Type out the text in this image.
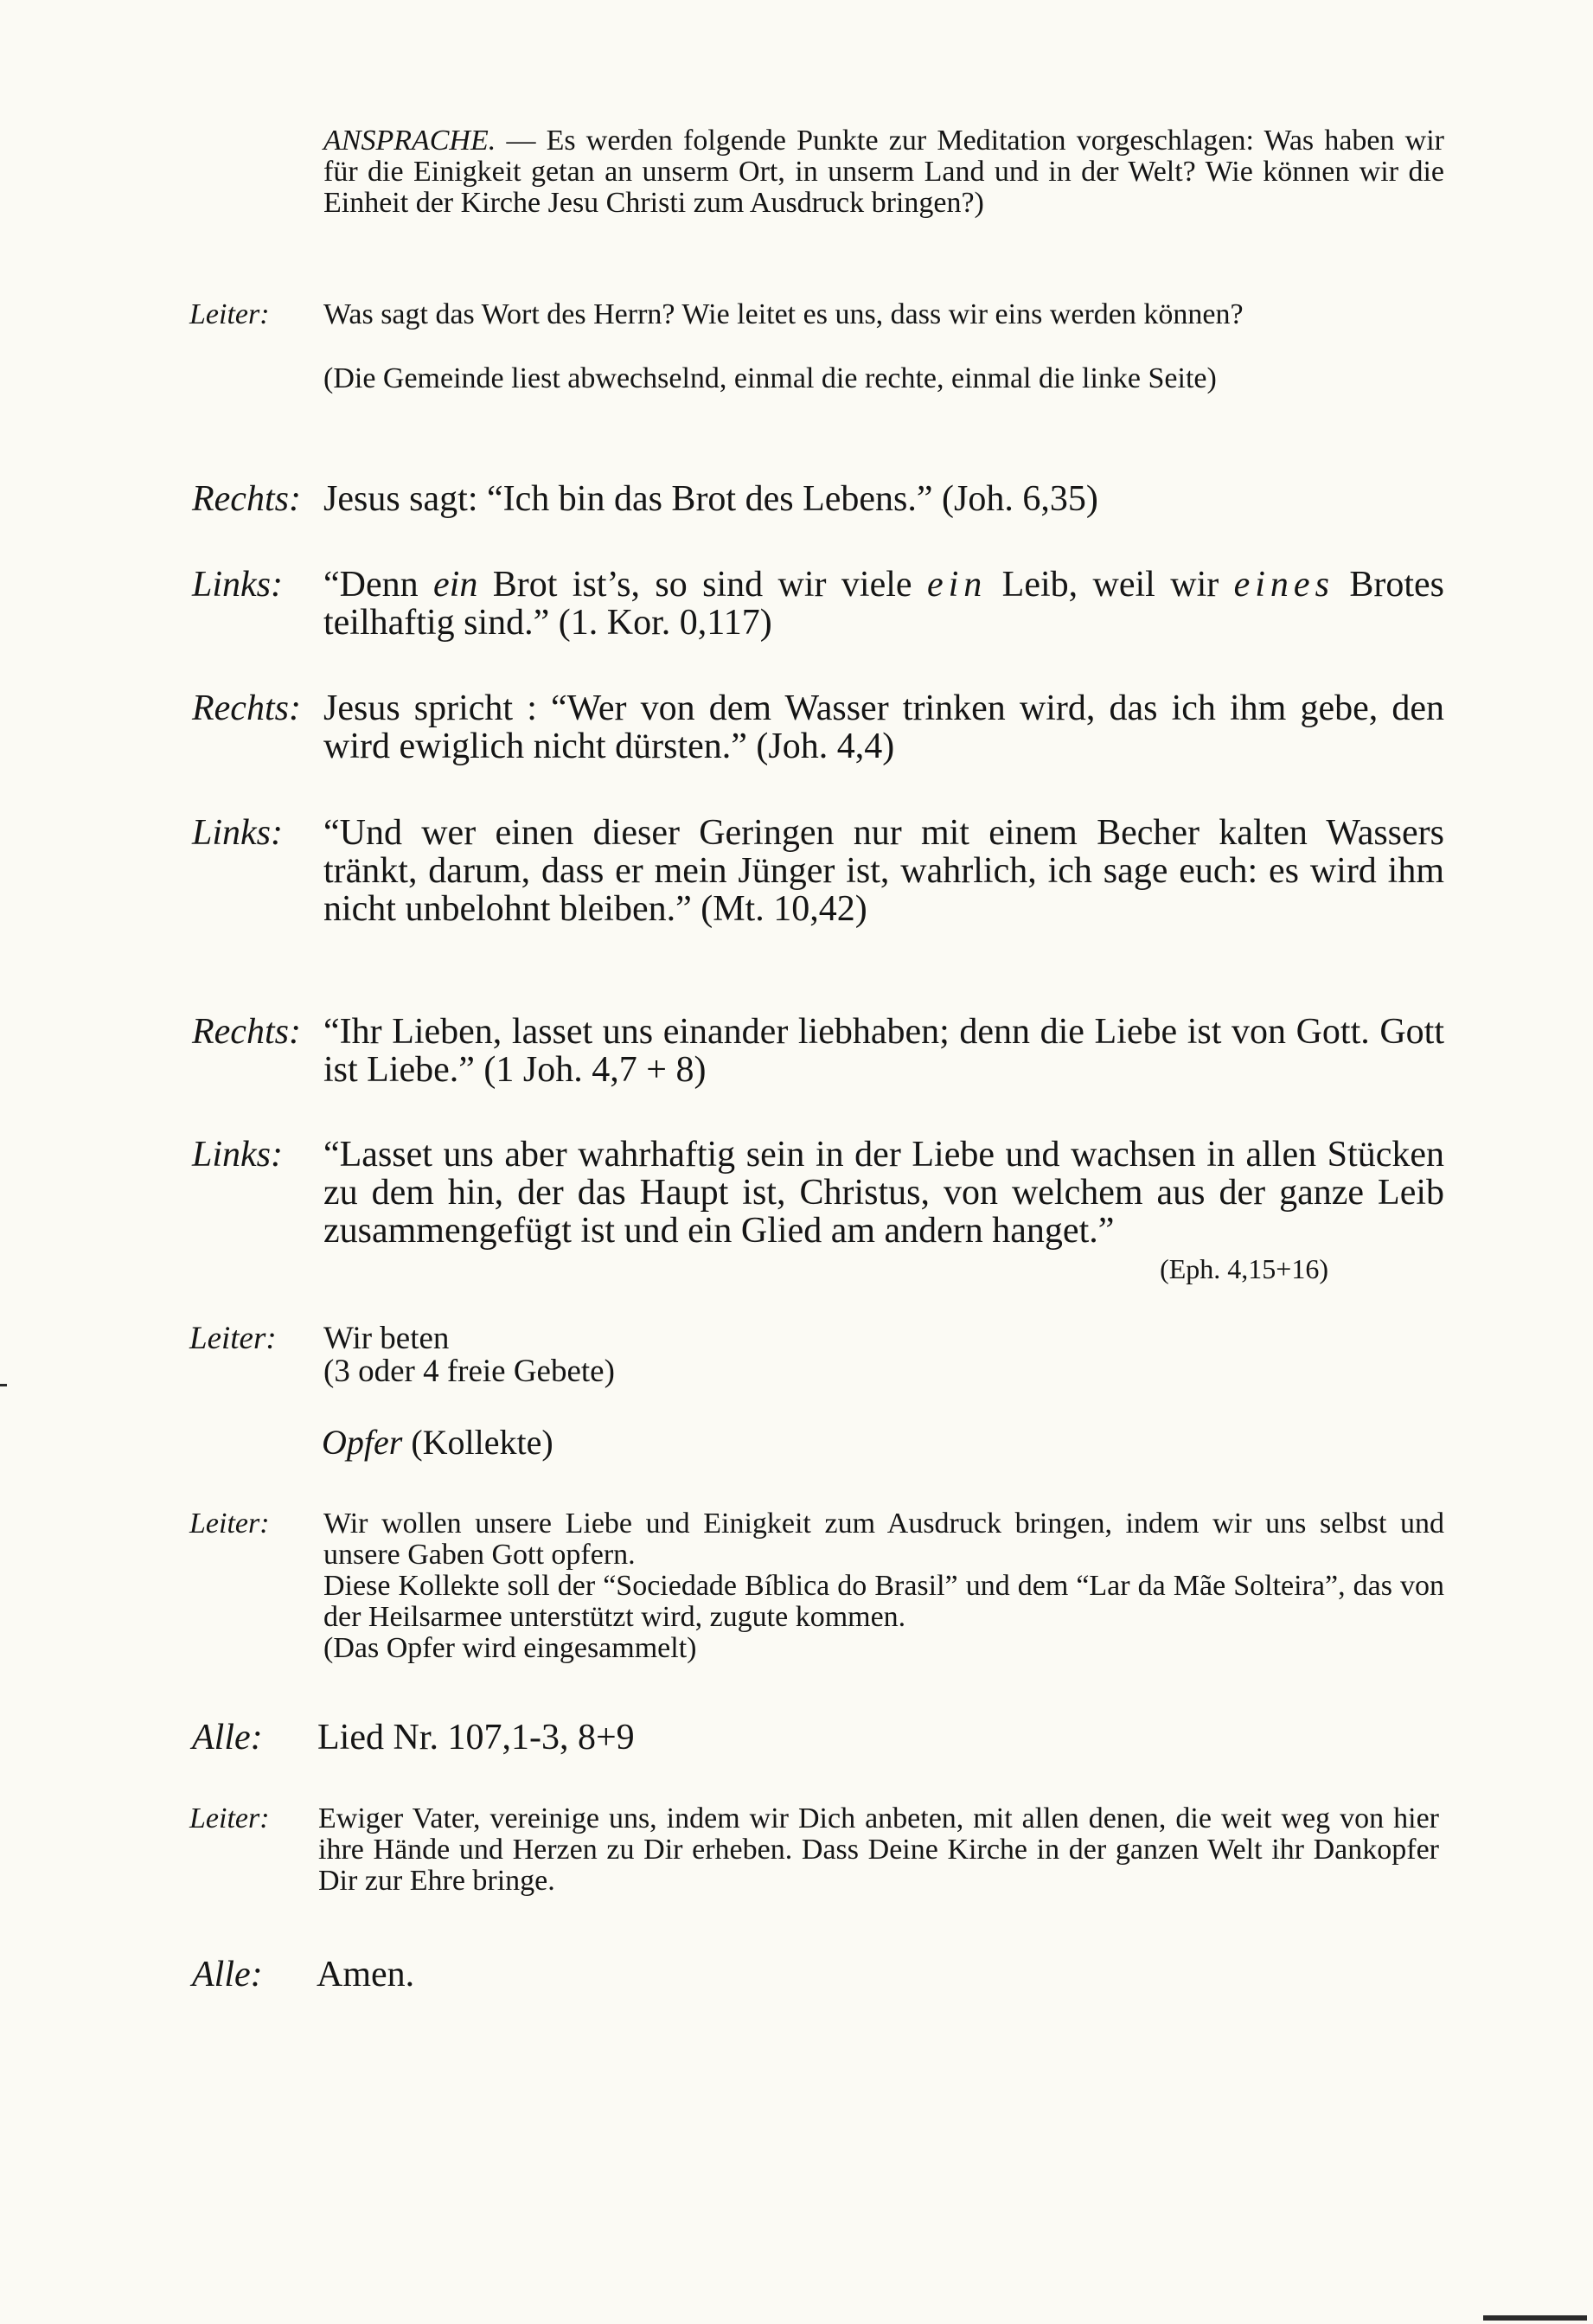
ANSPRACHE. — Es werden folgende Punkte zur Meditation vorgeschlagen: Was haben wir für die Einigkeit getan an unserm Ort, in unserm Land und in der Welt? Wie können wir die Einheit der Kirche Jesu Christi zum Ausdruck bringen?)

Leiter: Was sagt das Wort des Herrn? Wie leitet es uns, dass wir eins werden können?

(Die Gemeinde liest abwechselnd, einmal die rechte, einmal die linke Seite)

Rechts: Jesus sagt: “Ich bin das Brot des Lebens.” (Joh. 6,35)
Links: “Denn ein Brot ist’s, so sind wir viele ein Leib, weil wir eines Brotes teilhaftig sind.” (1. Kor. 0,117)

Rechts: Jesus spricht : “Wer von dem Wasser trinken wird, das ich ihm gebe, den wird ewiglich nicht dürsten.” (Joh. 4,4)
Links: “Und wer einen dieser Geringen nur mit einem Becher kalten Wassers tränkt, darum, dass er mein Jünger ist, wahrlich, ich sage euch: es wird ihm nicht unbelohnt bleiben.” (Mt. 10,42)
Rechts: “Ihr Lieben, lasset uns einander liebhaben; denn die Liebe ist von Gott. Gott ist Liebe.” (1 Joh. 4,7 + 8)
Links: “Lasset uns aber wahrhaftig sein in der Liebe und wachsen in allen Stücken zu dem hin, der das Haupt ist, Christus, von welchem aus der ganze Leib zusammengefügt ist und ein Glied am andern hanget.”

(Eph. 4,15+16)
Leiter: Wir beten

(3 oder 4 freie Gebete)

Opfer (Kollekte)
Leiter: Wir wollen unsere Liebe und Einigkeit zum Ausdruck bringen, indem wir uns selbst und unsere Gaben Gott opfern.

Diese Kollekte soll der “Sociedade Bíblica do Brasil” und dem “Lar da Mãe Solteira”, das von der Heilsarmee unterstützt wird, zugute kommen.

(Das Opfer wird eingesammelt)

Alle: Lied Nr. 107,1-3, 8+9
Leiter: Ewiger Vater, vereinige uns, indem wir Dich anbeten, mit allen denen, die weit weg von hier ihre Hände und Herzen zu Dir erheben. Dass Deine Kirche in der ganzen Welt ihr Dankopfer Dir zur Ehre bringe.
Alle: Amen.
